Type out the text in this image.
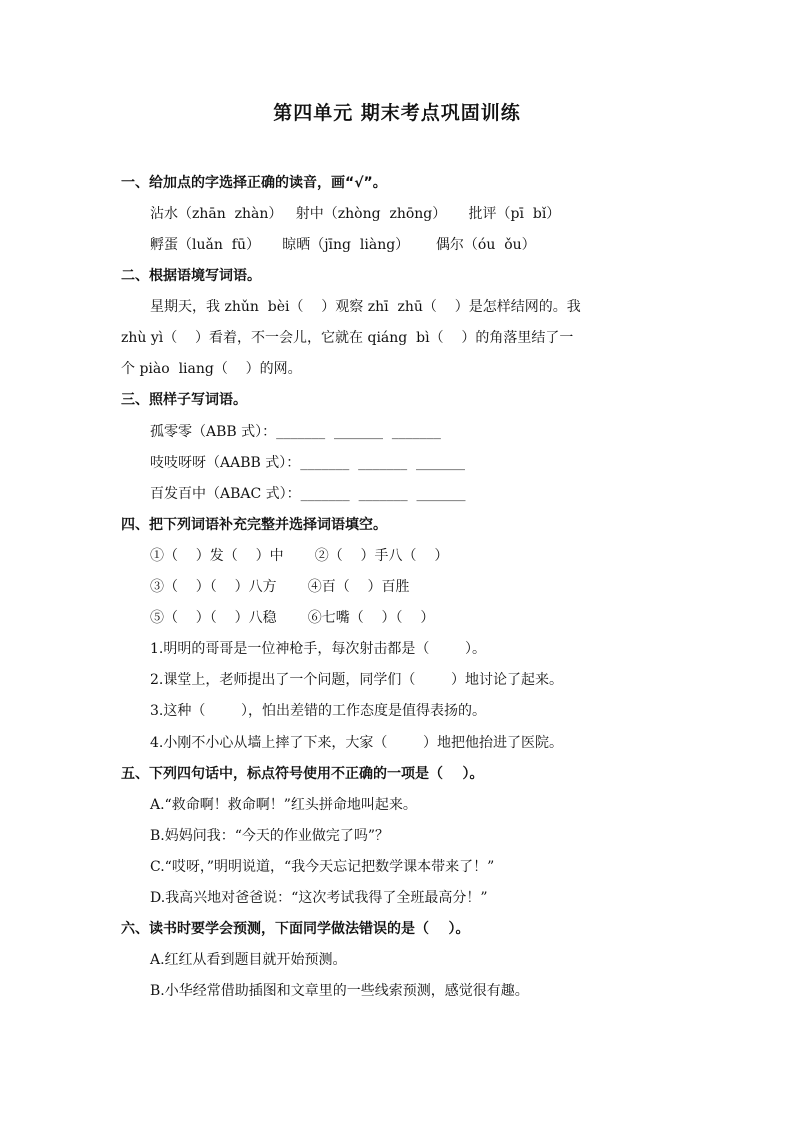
第四单元 期末考点巩固训练
一、给加点的字选择正确的读音，画“√”。
沾水（zhān  zhàn）   射中（zhòng  zhōng）     批评（pī  bǐ）
孵蛋（luǎn  fū）     晾晒（jīng  liàng）      偶尔（óu  ǒu）
二、根据语境写词语。
星期天，我 zhǔn  bèi（    ）观察 zhī  zhū（    ）是怎样结网的。我
zhù yì（    ）看着，不一会儿，它就在 qiáng  bì（    ）的角落里结了一
个 piào  liang（    ）的网。
三、照样子写词语。
孤零零（ABB 式）：_______  _______  _______
吱吱呀呀（AABB 式）：_______  _______  _______
百发百中（ABAC 式）：_______  _______  _______
四、把下列词语补充完整并选择词语填空。
①（    ）发（    ）中       ②（    ）手八（    ）
③（    ）（    ）八方       ④百（    ）百胜
⑤（    ）（    ）八稳       ⑥七嘴（    ）（    ）
1.明明的哥哥是一位神枪手，每次射击都是（        ）。
2.课堂上，老师提出了一个问题，同学们（        ）地讨论了起来。
3.这种（        ），怕出差错的工作态度是值得表扬的。
4.小刚不小心从墙上摔了下来，大家（        ）地把他抬进了医院。
五、下列四句话中，标点符号使用不正确的一项是（    ）。
A.“救命啊！救命啊！”红头拼命地叫起来。
B.妈妈问我：“今天的作业做完了吗”？
C.“哎呀，”明明说道，“我今天忘记把数学课本带来了！”
D.我高兴地对爸爸说：“这次考试我得了全班最高分！”
六、读书时要学会预测，下面同学做法错误的是（    ）。
A.红红从看到题目就开始预测。
B.小华经常借助插图和文章里的一些线索预测，感觉很有趣。
